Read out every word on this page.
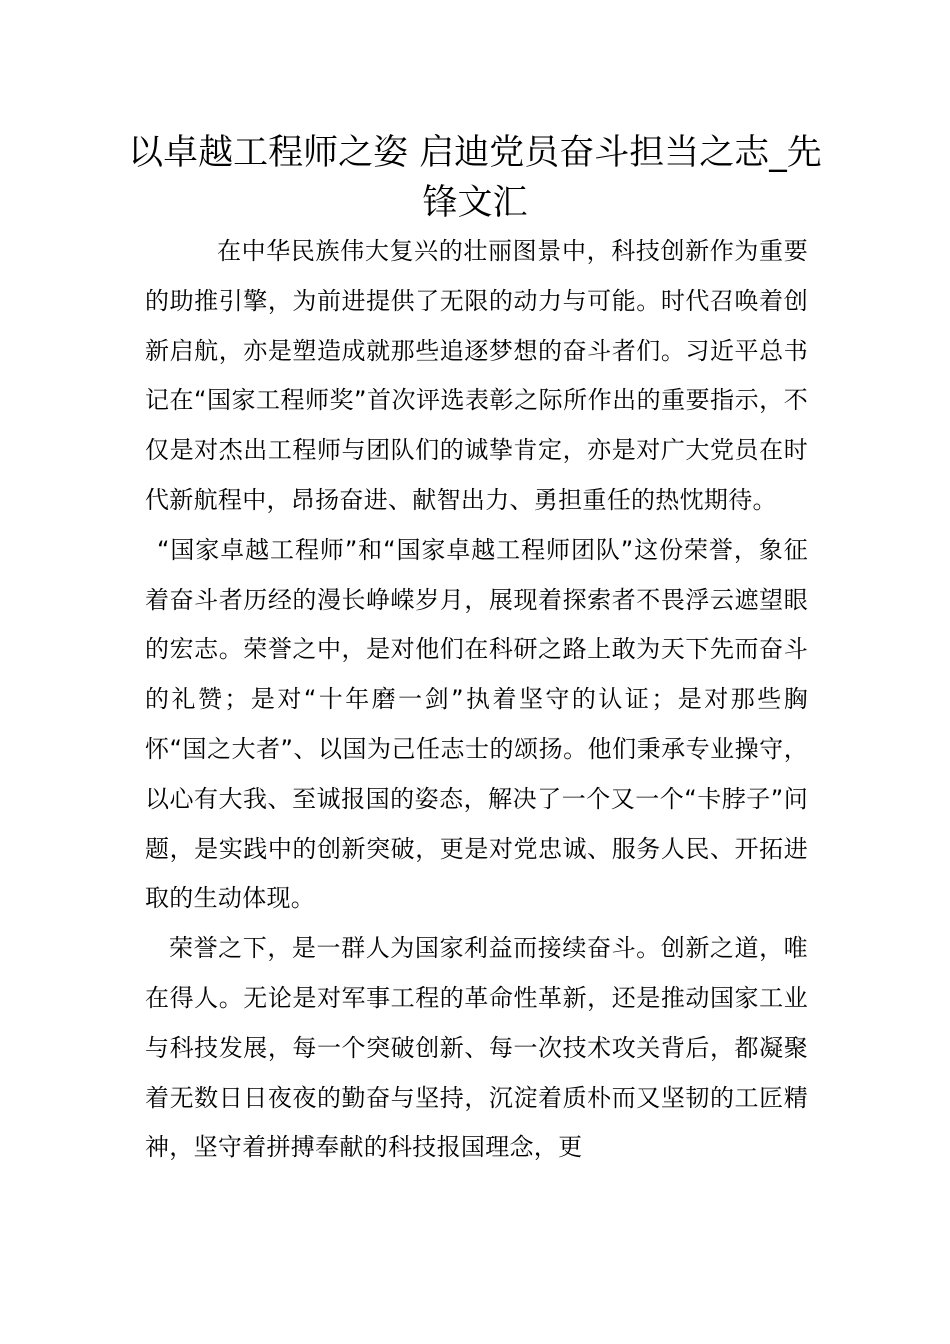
以卓越工程师之姿 启迪党员奋斗担当之志_先锋文汇

在中华民族伟大复兴的壮丽图景中，科技创新作为重要的助推引擎，为前进提供了无限的动力与可能。时代召唤着创新启航，亦是塑造成就那些追逐梦想的奋斗者们。习近平总书记在“国家工程师奖”首次评选表彰之际所作出的重要指示，不仅是对杰出工程师与团队们的诚挚肯定，亦是对广大党员在时代新航程中，昂扬奋进、献智出力、勇担重任的热忱期待。

“国家卓越工程师”和“国家卓越工程师团队”这份荣誉，象征着奋斗者历经的漫长峥嵘岁月，展现着探索者不畏浮云遮望眼的宏志。荣誉之中，是对他们在科研之路上敢为天下先而奋斗的礼赞；是对“十年磨一剑”执着坚守的认证；是对那些胸怀“国之大者”、以国为己任志士的颂扬。他们秉承专业操守，以心有大我、至诚报国的姿态，解决了一个又一个“卡脖子”问题，是实践中的创新突破，更是对党忠诚、服务人民、开拓进取的生动体现。

荣誉之下，是一群人为国家利益而接续奋斗。创新之道，唯在得人。无论是对军事工程的革命性革新，还是推动国家工业与科技发展，每一个突破创新、每一次技术攻关背后，都凝聚着无数日日夜夜的勤奋与坚持，沉淀着质朴而又坚韧的工匠精神，坚守着拼搏奉献的科技报国理念，更
